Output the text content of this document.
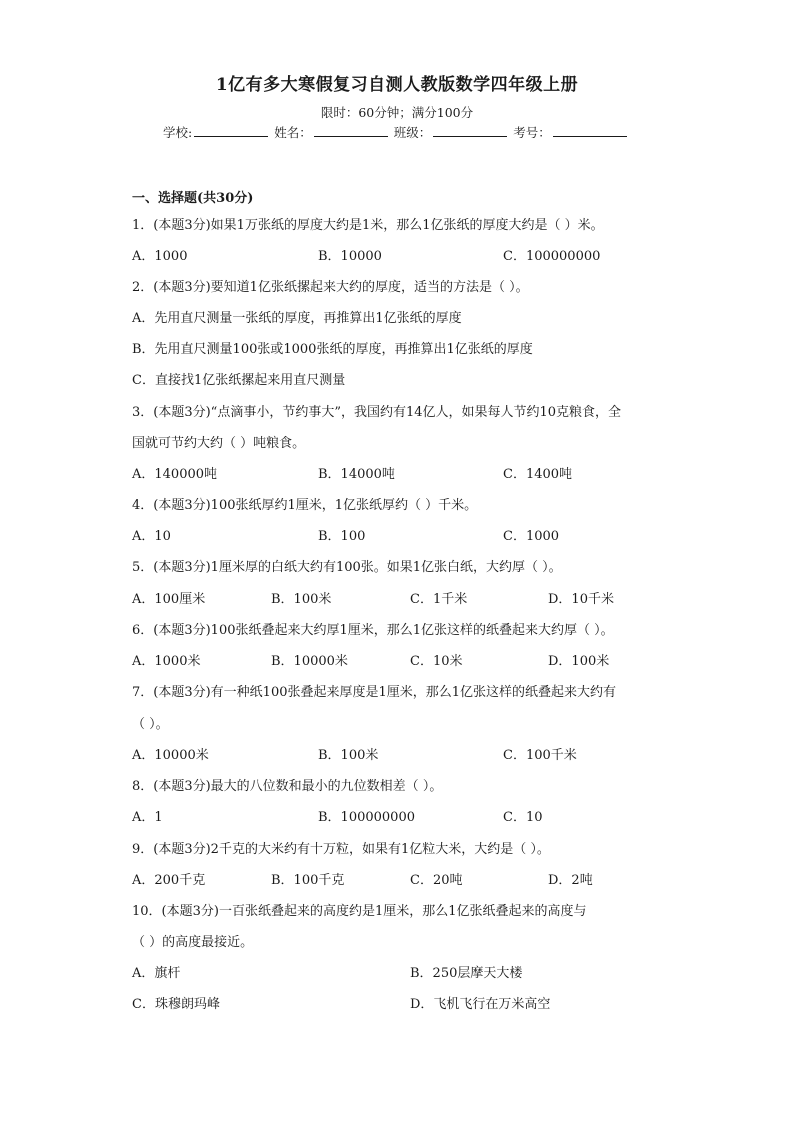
1亿有多大寒假复习自测人教版数学四年级上册
限时：60分钟；满分100分
学校:	姓名：	班级：	考号：
一、选择题(共30分)
1．(本题3分)如果1万张纸的厚度大约是1米，那么1亿张纸的厚度大约是（ ）米。
A．1000	B．10000	C．100000000
2．(本题3分)要知道1亿张纸摞起来大约的厚度，适当的方法是（ ）。
A．先用直尺测量一张纸的厚度，再推算出1亿张纸的厚度
B．先用直尺测量100张或1000张纸的厚度，再推算出1亿张纸的厚度
C．直接找1亿张纸摞起来用直尺测量
3．(本题3分)“点滴事小，节约事大”，我国约有14亿人，如果每人节约10克粮食，全
国就可节约大约（ ）吨粮食。
A．140000吨	B．14000吨	C．1400吨
4．(本题3分)100张纸厚约1厘米，1亿张纸厚约（ ）千米。
A．10	B．100	C．1000
5．(本题3分)1厘米厚的白纸大约有100张。如果1亿张白纸，大约厚（ ）。
A．100厘米	B．100米	C．1千米	D．10千米
6．(本题3分)100张纸叠起来大约厚1厘米，那么1亿张这样的纸叠起来大约厚（ ）。
A．1000米	B．10000米	C．10米	D．100米
7．(本题3分)有一种纸100张叠起来厚度是1厘米，那么1亿张这样的纸叠起来大约有
（ ）。
A．10000米	B．100米	C．100千米
8．(本题3分)最大的八位数和最小的九位数相差（ ）。
A．1	B．100000000	C．10
9．(本题3分)2千克的大米约有十万粒，如果有1亿粒大米，大约是（ ）。
A．200千克	B．100千克	C．20吨	D．2吨
10．(本题3分)一百张纸叠起来的高度约是1厘米，那么1亿张纸叠起来的高度与
（ ）的高度最接近。
A．旗杆	B．250层摩天大楼
C．珠穆朗玛峰	D．飞机飞行在万米高空
